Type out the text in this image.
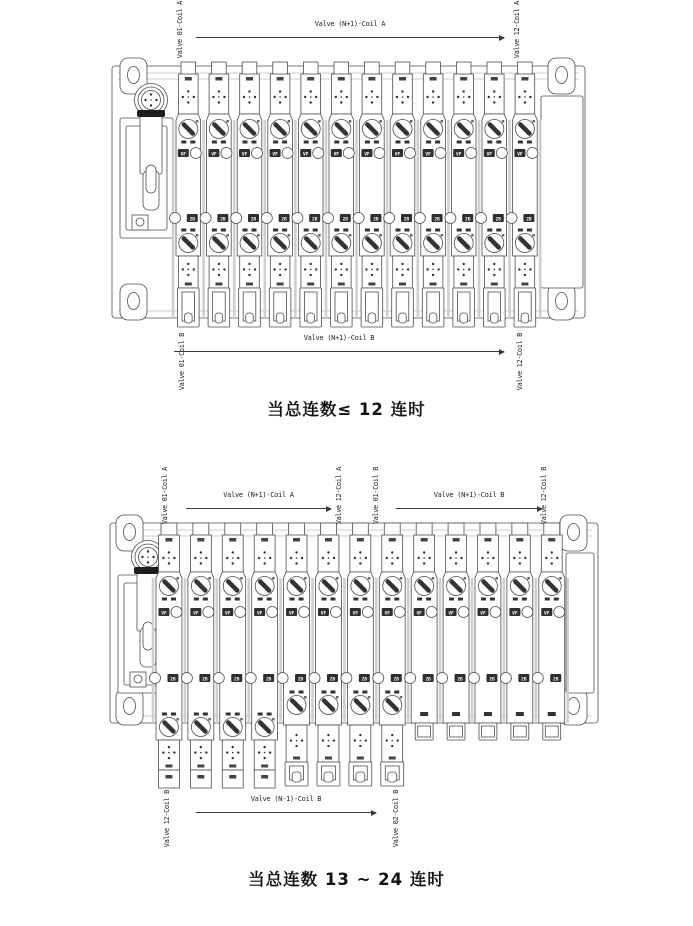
VF
2B
VF
2B
VF
2B
VF
2B
VF
2B
VF
2B
VF
2B
VF
2B
VF
2B
VF
2B
VF
2B
VF
2B
VF
2B
VF
2B
VF
2B
VF
2B
VF
2B
VF
2B
VF
2B
VF
2B
VF
2B
VF
2B
VF
2B
VF
2B
VF
2B
Valve 01-Coil A	Valve 12-Coil A
Valve (N+1)-Coil A
Valve 01-Coil B	Valve 12-Coil B
Valve (N+1)-Coil B
当总连数≤ 12 连时
Valve 01-Coil A	Valve 12-Coil A	Valve 01-Coil B	Valve 12-Coil B
Valve (N+1)-Coil A	Valve (N+1)-Coil B
Valve 12-Coil B	Valve 02-Coil B
Valve (N-1)-Coil B
当总连数 13 ~ 24 连时
